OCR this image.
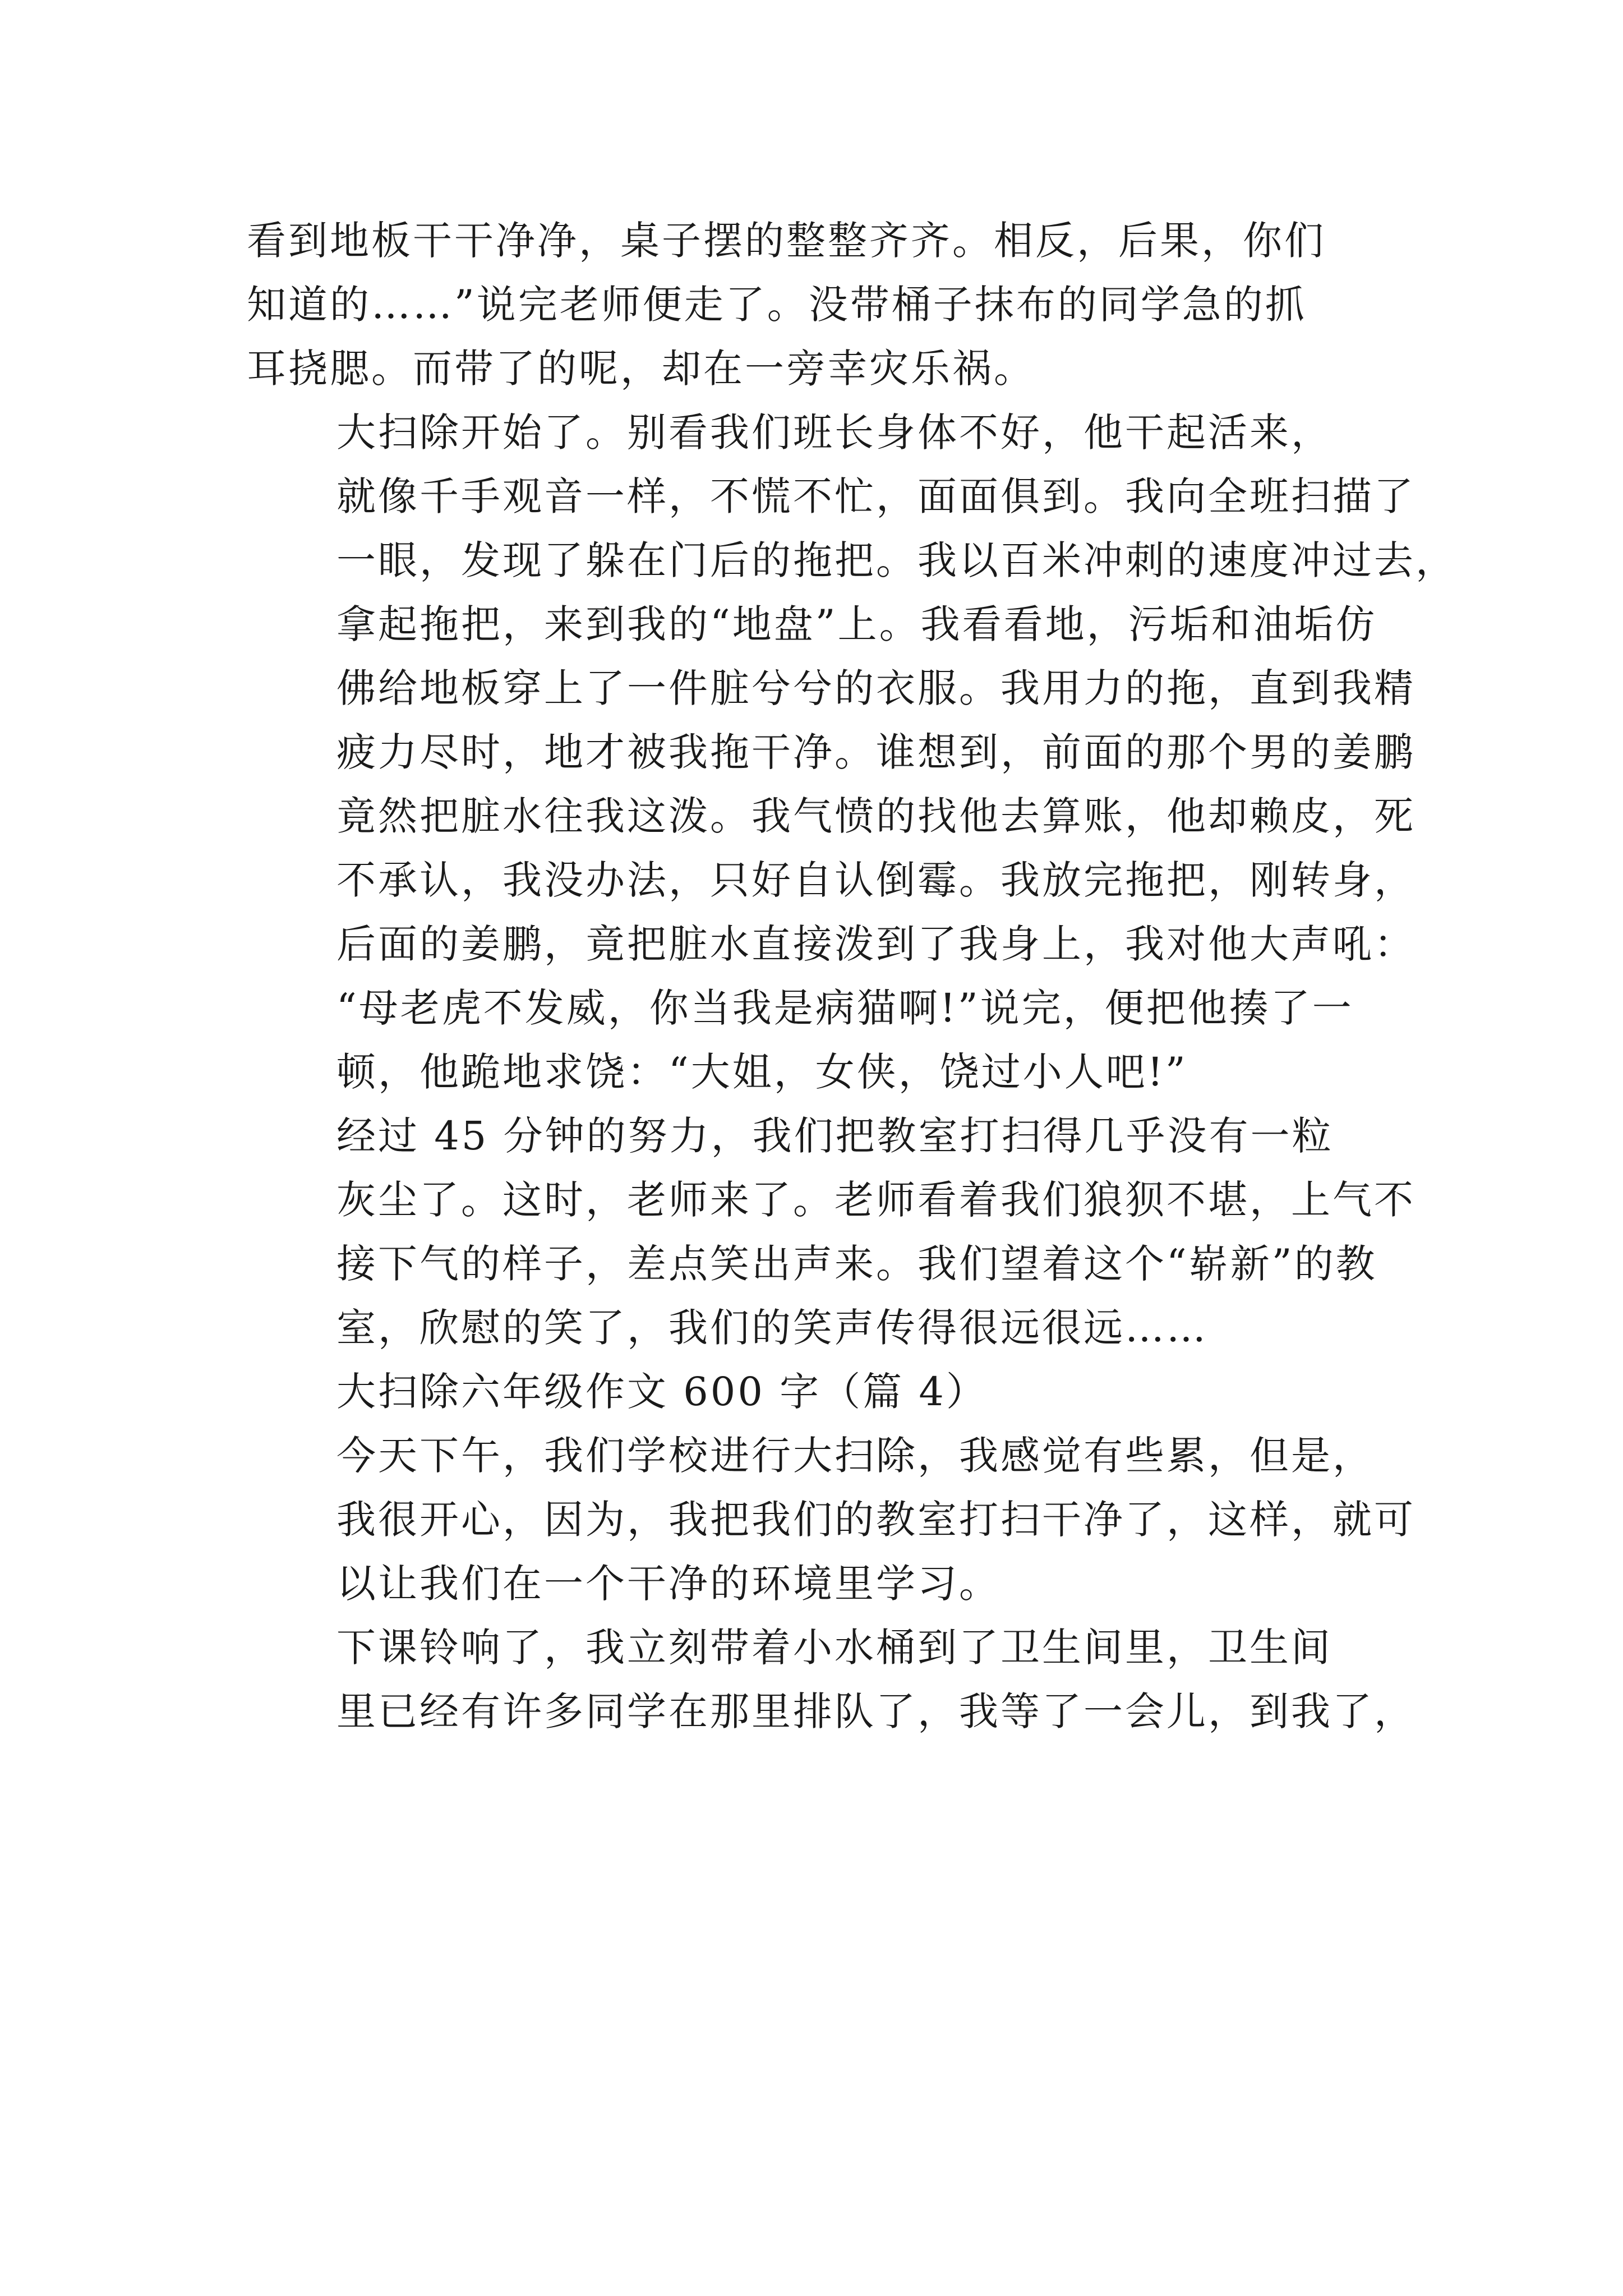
看到地板干干净净，桌子摆的整整齐齐。相反，后果，你们
知道的……”说完老师便走了。没带桶子抹布的同学急的抓
耳挠腮。而带了的呢，却在一旁幸灾乐祸。
大扫除开始了。别看我们班长身体不好，他干起活来，
就像千手观音一样，不慌不忙，面面俱到。我向全班扫描了
一眼，发现了躲在门后的拖把。我以百米冲刺的速度冲过去，
拿起拖把，来到我的“地盘”上。我看看地，污垢和油垢仿
佛给地板穿上了一件脏兮兮的衣服。我用力的拖，直到我精
疲力尽时，地才被我拖干净。谁想到，前面的那个男的姜鹏
竟然把脏水往我这泼。我气愤的找他去算账，他却赖皮，死
不承认，我没办法，只好自认倒霉。我放完拖把，刚转身，
后面的姜鹏，竟把脏水直接泼到了我身上，我对他大声吼：
“母老虎不发威，你当我是病猫啊!”说完，便把他揍了一
顿，他跪地求饶：“大姐，女侠，饶过小人吧!”
经过 45 分钟的努力，我们把教室打扫得几乎没有一粒
灰尘了。这时，老师来了。老师看着我们狼狈不堪，上气不
接下气的样子，差点笑出声来。我们望着这个“崭新”的教
室，欣慰的笑了，我们的笑声传得很远很远……
大扫除六年级作文 600 字（篇 4）
今天下午，我们学校进行大扫除，我感觉有些累，但是，
我很开心，因为，我把我们的教室打扫干净了，这样，就可
以让我们在一个干净的环境里学习。
下课铃响了，我立刻带着小水桶到了卫生间里，卫生间
里已经有许多同学在那里排队了，我等了一会儿，到我了，
